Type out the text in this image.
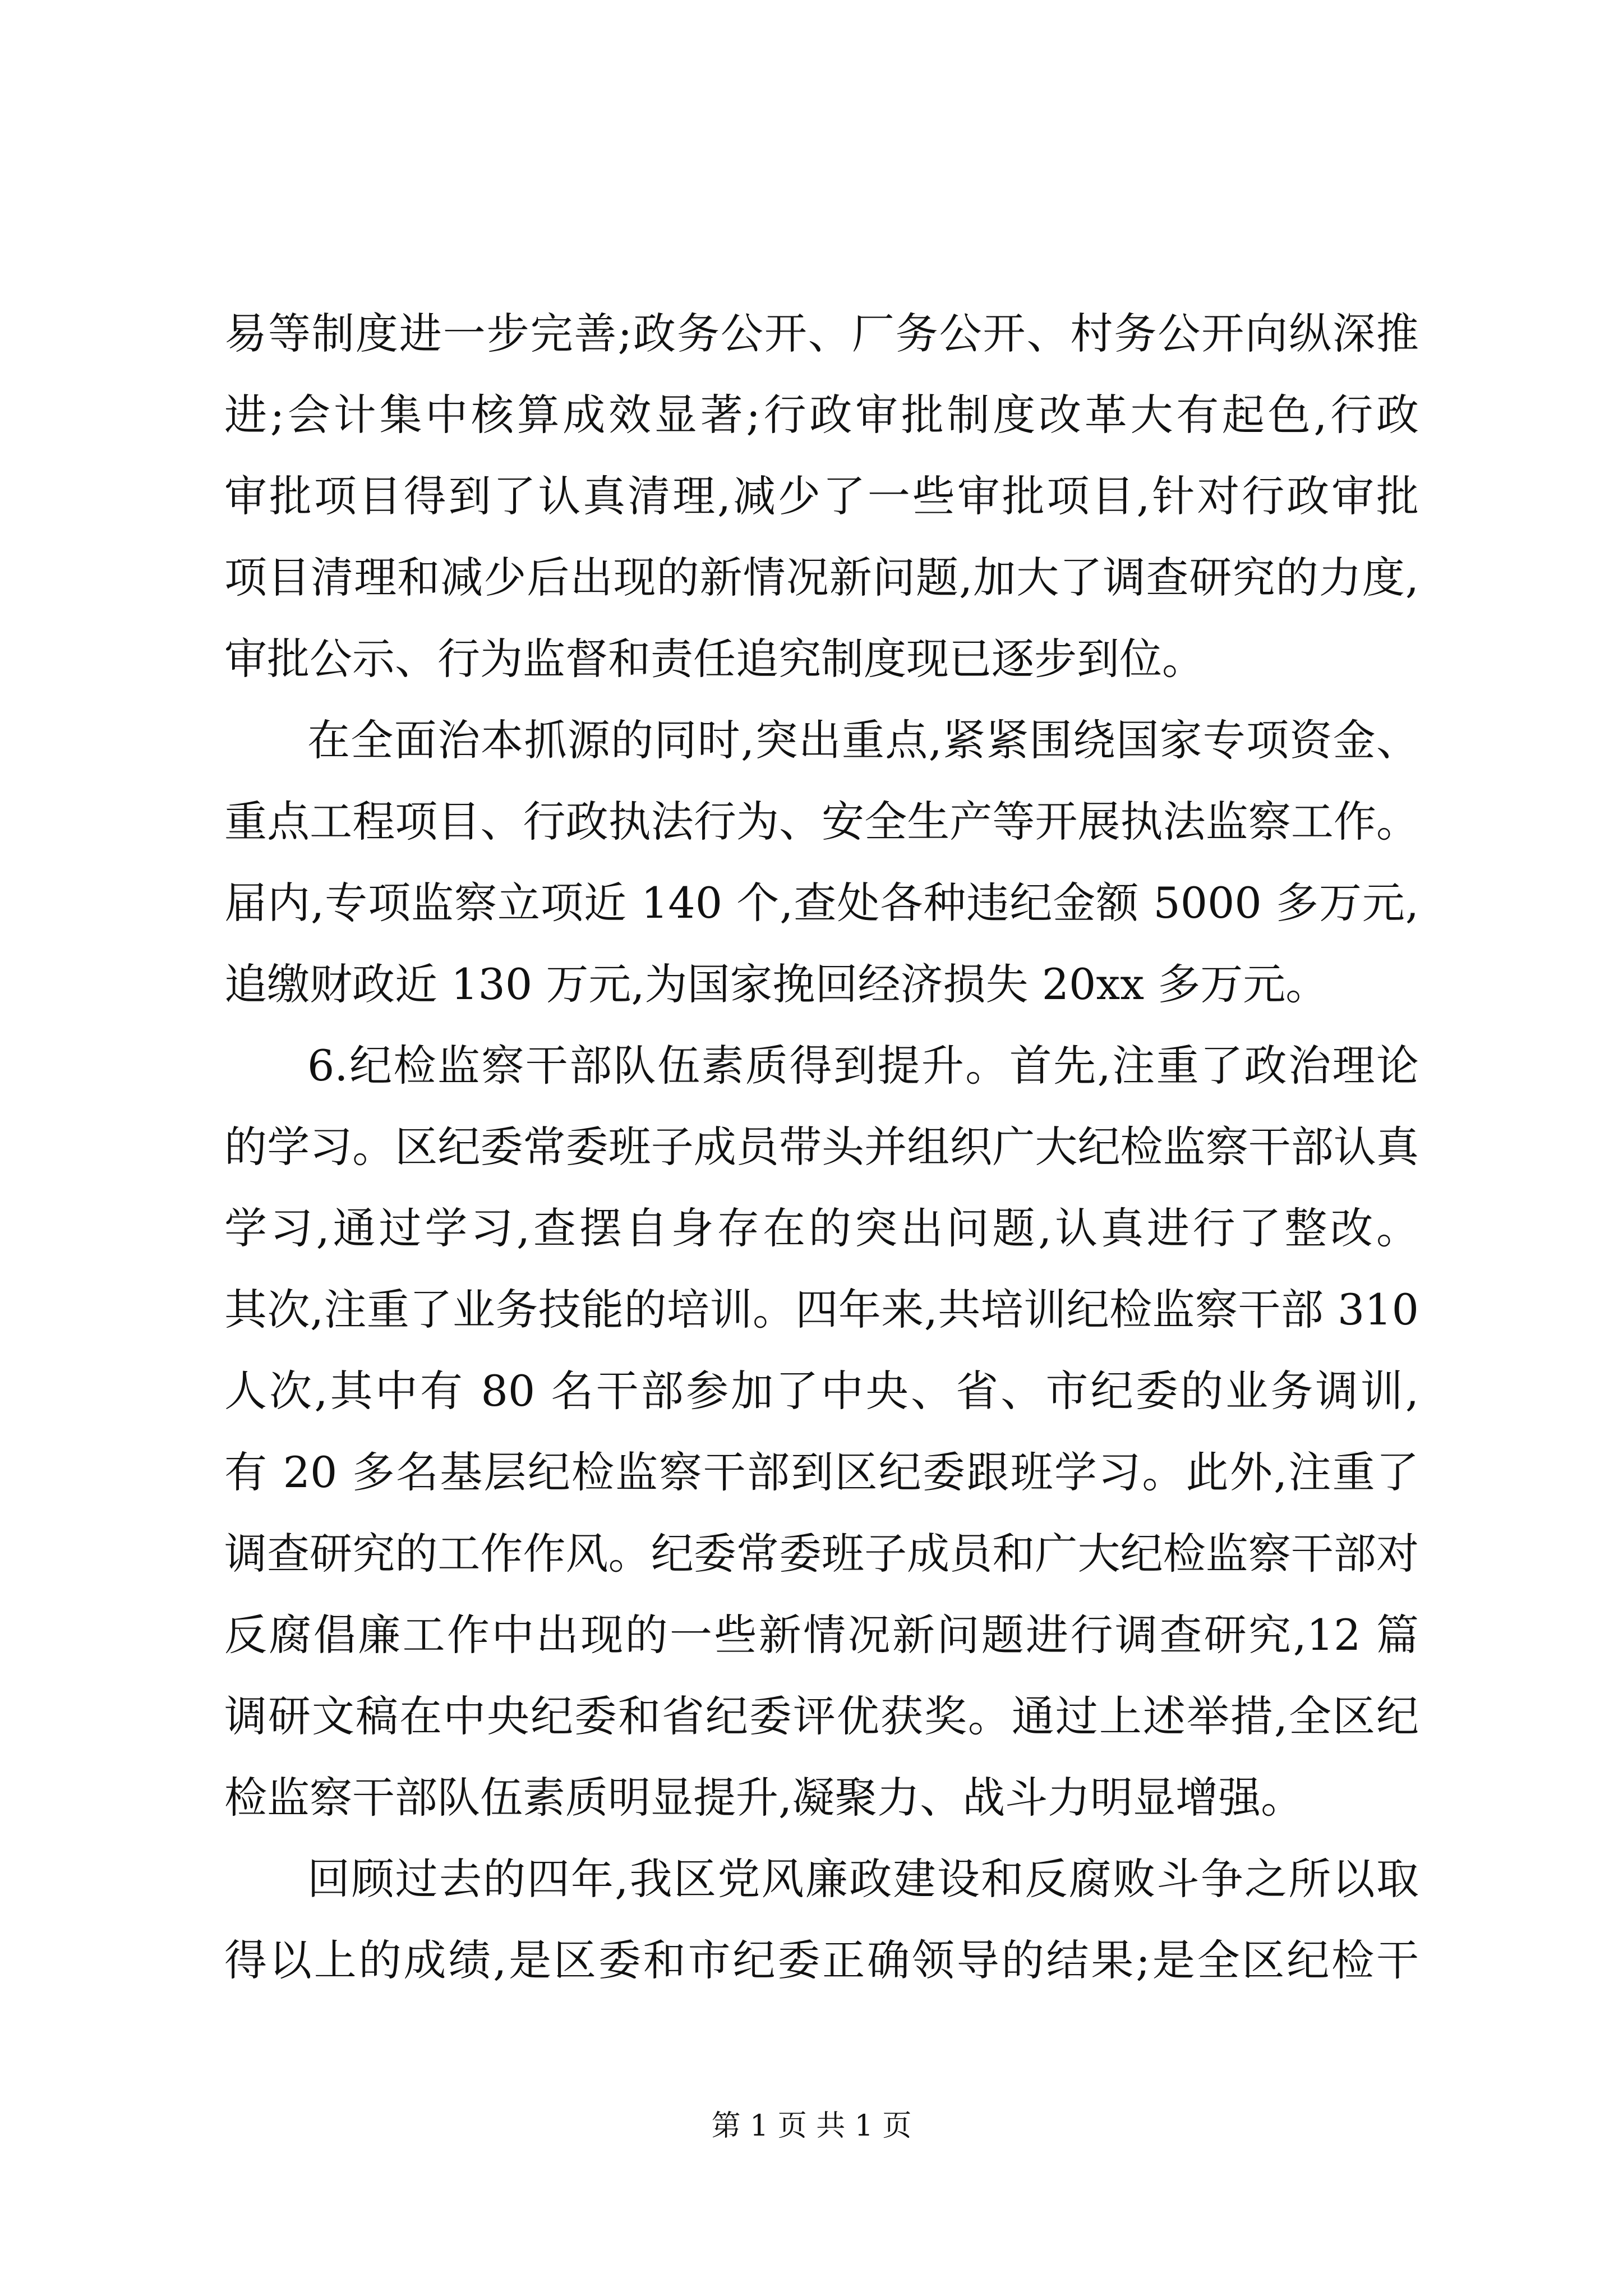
易等制度进一步完善;政务公开、厂务公开、村务公开向纵深推
进;会计集中核算成效显著;行政审批制度改革大有起色,行政
审批项目得到了认真清理,减少了一些审批项目,针对行政审批
项目清理和减少后出现的新情况新问题,加大了调查研究的力度,
审批公示、行为监督和责任追究制度现已逐步到位。
在全面治本抓源的同时,突出重点,紧紧围绕国家专项资金、
重点工程项目、行政执法行为、安全生产等开展执法监察工作。
届内,专项监察立项近 140 个,查处各种违纪金额 5000 多万元,
追缴财政近 130 万元,为国家挽回经济损失 20xx 多万元。
6.纪检监察干部队伍素质得到提升。首先,注重了政治理论
的学习。区纪委常委班子成员带头并组织广大纪检监察干部认真
学习,通过学习,查摆自身存在的突出问题,认真进行了整改。
其次,注重了业务技能的培训。四年来,共培训纪检监察干部 310
人次,其中有 80 名干部参加了中央、省、市纪委的业务调训,
有 20 多名基层纪检监察干部到区纪委跟班学习。此外,注重了
调查研究的工作作风。纪委常委班子成员和广大纪检监察干部对
反腐倡廉工作中出现的一些新情况新问题进行调查研究,12 篇
调研文稿在中央纪委和省纪委评优获奖。通过上述举措,全区纪
检监察干部队伍素质明显提升,凝聚力、战斗力明显增强。
回顾过去的四年,我区党风廉政建设和反腐败斗争之所以取
得以上的成绩,是区委和市纪委正确领导的结果;是全区纪检干
第 1 页 共 1 页
